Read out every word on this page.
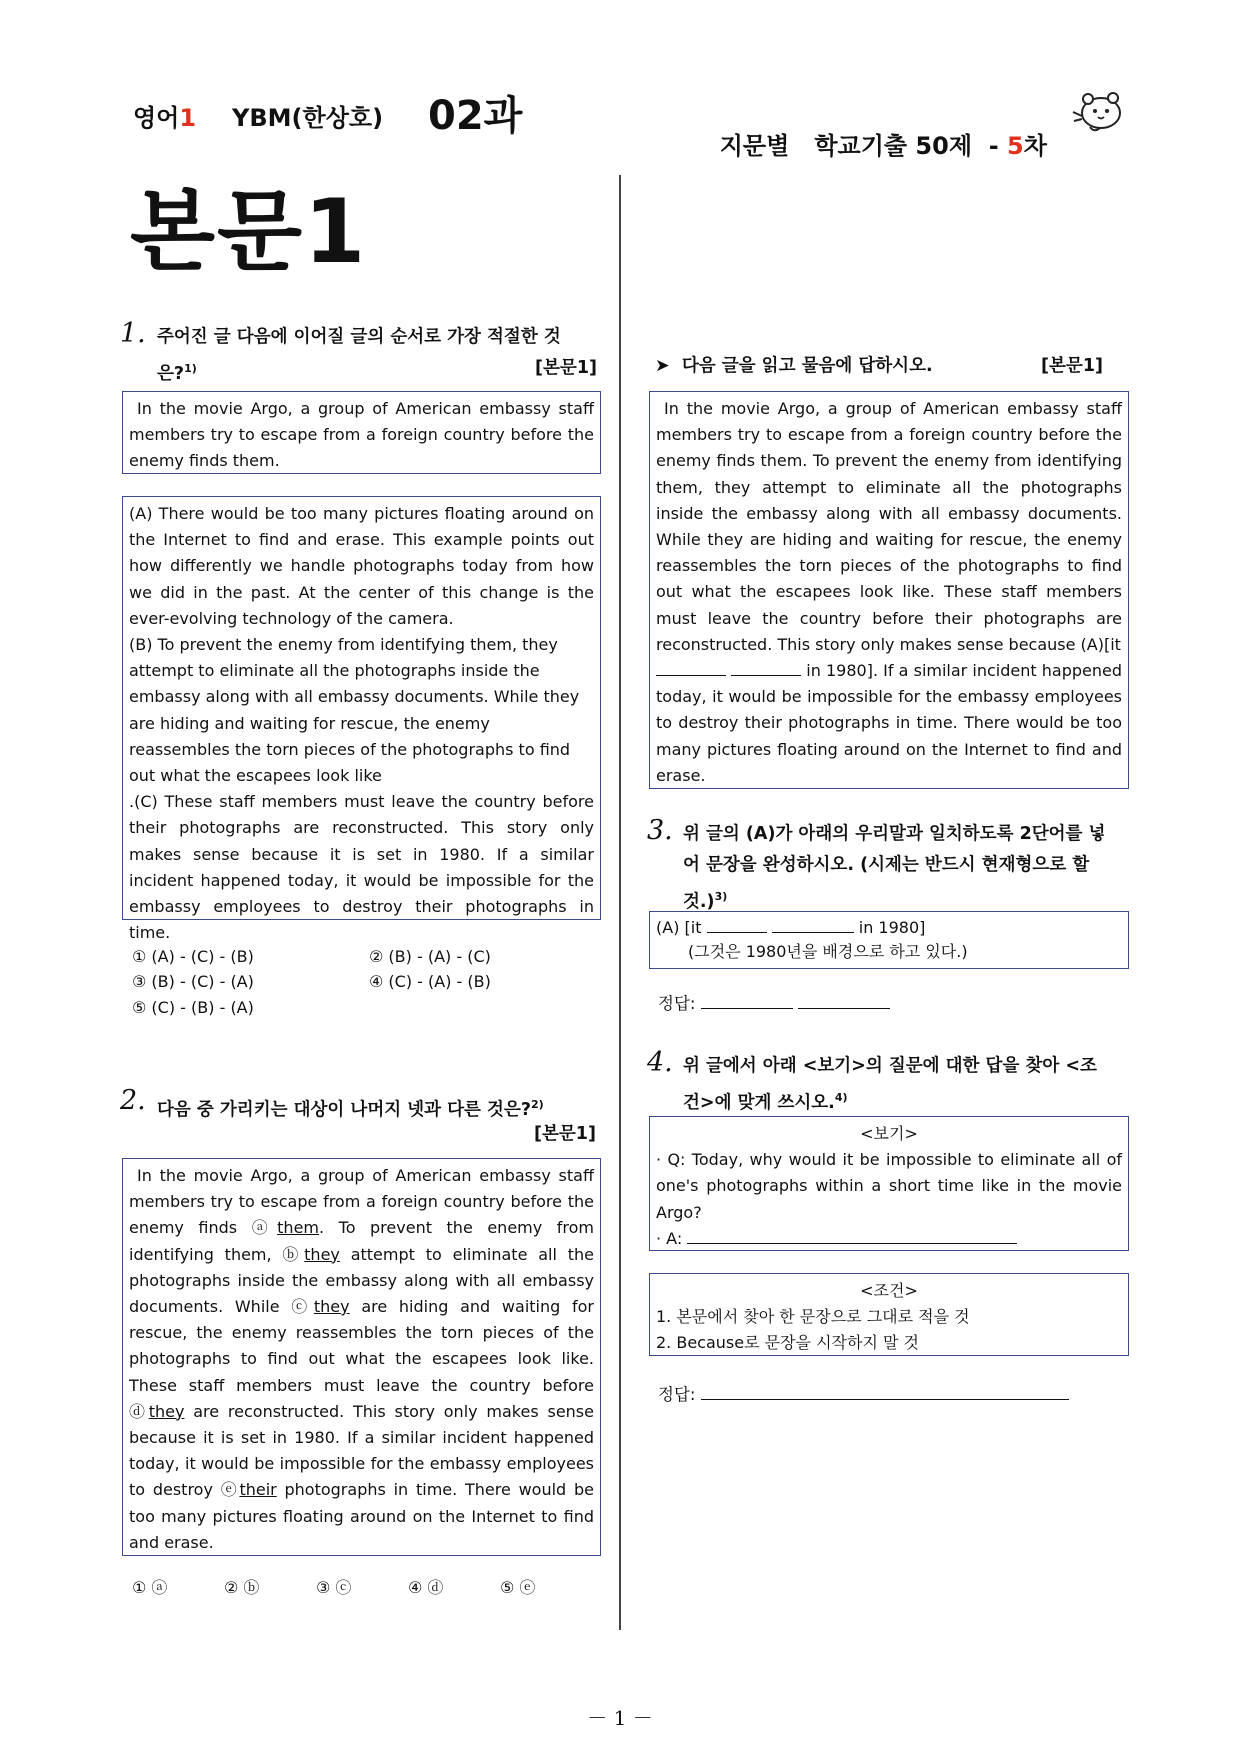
영어1 YBM(한상호) 02과

지문별   학교기출 50제  - 5차

본문1
1. 주어진 글 다음에 이어질 글의 순서로 가장 적절한 것
은?$^{1)}$	[본문1]

In the movie Argo, a group of American embassy staff members try to escape from a foreign country before the enemy finds them.

(A) There would be too many pictures floating around on the Internet to find and erase. This example points out how differently we handle photographs today from how we did in the past. At the center of this change is the ever-evolving technology of the camera.

(B) To prevent the enemy from identifying them, they attempt to eliminate all the photographs inside the embassy along with all embassy documents. While they are hiding and waiting for rescue, the enemy reassembles the torn pieces of the photographs to find out what the escapees look like

.(C) These staff members must leave the country before their photographs are reconstructed. This story only makes sense because it is set in 1980. If a similar incident happened today, it would be impossible for the embassy employees to destroy their photographs in time.

① (A) - (C) - (B)	② (B) - (A) - (C)
③ (B) - (C) - (A)	④ (C) - (A) - (B)
⑤ (C) - (B) - (A)
2. 다음 중 가리키는 대상이 나머지 넷과 다른 것은?$^{2)}$
[본문1]

In the movie Argo, a group of American embassy staff members try to escape from a foreign country before the enemy finds ⓐthem. To prevent the enemy from identifying them, ⓑthey attempt to eliminate all the photographs inside the embassy along with all embassy documents. While ⓒthey are hiding and waiting for rescue, the enemy reassembles the torn pieces of the photographs to find out what the escapees look like. These staff members must leave the country before ⓓthey are reconstructed. This story only makes sense because it is set in 1980. If a similar incident happened today, it would be impossible for the embassy employees to destroy ⓔtheir photographs in time. There would be too many pictures floating around on the Internet to find and erase.

① ⓐ	② ⓑ	③ ⓒ	④ ⓓ	⑤ ⓔ
➤ 다음 글을 읽고 물음에 답하시오.	[본문1]

In the movie Argo, a group of American embassy staff members try to escape from a foreign country before the enemy finds them. To prevent the enemy from identifying them, they attempt to eliminate all the photographs inside the embassy along with all embassy documents. While they are hiding and waiting for rescue, the enemy reassembles the torn pieces of the photographs to find out what the escapees look like. These staff members must leave the country before their photographs are reconstructed. This story only makes sense because (A)[it
in 1980]. If a similar incident happened today, it would be impossible for the embassy employees to destroy their photographs in time. There would be too many pictures floating around on the Internet to find and erase.

3. 위 글의 (A)가 아래의 우리말과 일치하도록 2단어를 넣
어 문장을 완성하시오. (시제는 반드시 현재형으로 할
것.)$^{3)}$
(A) [it	in 1980]
(그것은 1980년을 배경으로 하고 있다.)
정답:
4. 위 글에서 아래 <보기>의 질문에 대한 답을 찾아 <조
건>에 맞게 쓰시오.$^{4)}$
<보기>

· Q: Today, why would it be impossible to eliminate all of one's photographs within a short time like in the movie Argo?

· A:
<조건>
1. 본문에서 찾아 한 문장으로 그대로 적을 것
2. Because로 문장을 시작하지 말 것
정답:
－ 1 －
